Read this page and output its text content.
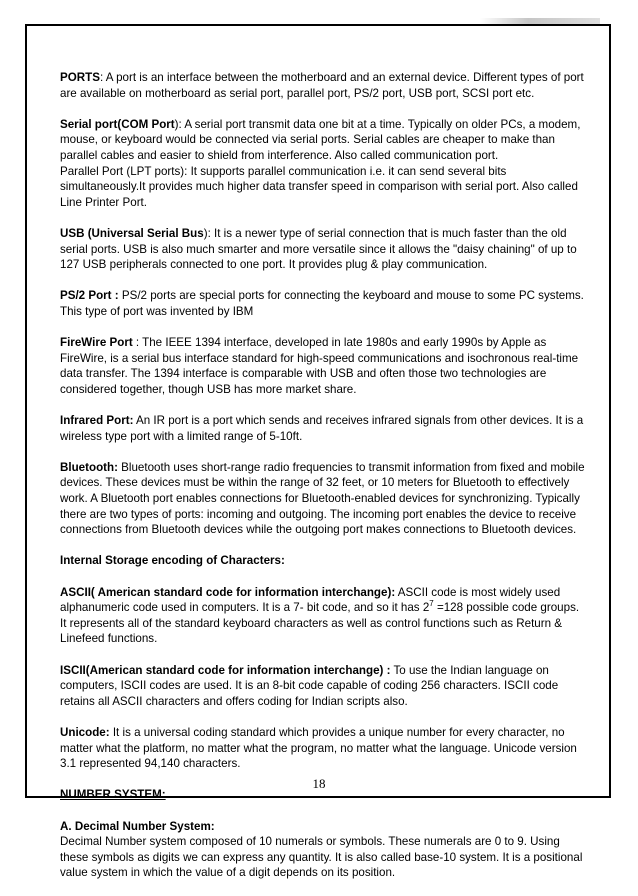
PORTS: A port is an interface between the motherboard and an external device. Different types of port are available on motherboard as serial port, parallel port, PS/2 port, USB port, SCSI port etc.

Serial port(COM Port): A serial port transmit data one bit at a time. Typically on older PCs, a modem, mouse, or keyboard would be connected via serial ports. Serial cables are cheaper to make than parallel cables and easier to shield from interference. Also called communication port.

Parallel Port (LPT ports): It supports parallel communication i.e. it can send several bits simultaneously.It provides much higher data transfer speed in comparison with serial port. Also called Line Printer Port.

USB (Universal Serial Bus): It is a newer type of serial connection that is much faster than the old serial ports. USB is also much smarter and more versatile since it allows the "daisy chaining" of up to 127 USB peripherals connected to one port. It provides plug & play communication.

PS/2 Port : PS/2 ports are special ports for connecting the keyboard and mouse to some PC systems. This type of port was invented by IBM

FireWire Port : The IEEE 1394 interface, developed in late 1980s and early 1990s by Apple as FireWire, is a serial bus interface standard for high-speed communications and isochronous real-time data transfer. The 1394 interface is comparable with USB and often those two technologies are considered together, though USB has more market share.

Infrared Port: An IR port is a port which sends and receives infrared signals from other devices. It is a wireless type port with a limited range of 5-10ft.

Bluetooth: Bluetooth uses short-range radio frequencies to transmit information from fixed and mobile devices. These devices must be within the range of 32 feet, or 10 meters for Bluetooth to effectively work. A Bluetooth port enables connections for Bluetooth-enabled devices for synchronizing. Typically there are two types of ports: incoming and outgoing. The incoming port enables the device to receive connections from Bluetooth devices while the outgoing port makes connections to Bluetooth devices.

Internal Storage encoding of Characters:

ASCII( American standard code for information interchange): ASCII code is most widely used alphanumeric code used in computers. It is a 7- bit code, and so it has $2^7 =128$ possible code groups. It represents all of the standard keyboard characters as well as control functions such as Return & Linefeed functions.

ISCII(American standard code for information interchange) : To use the Indian language on computers, ISCII codes are used. It is an 8-bit code capable of coding 256 characters. ISCII code retains all ASCII characters and offers coding for Indian scripts also.

Unicode: It is a universal coding standard which provides a unique number for every character, no matter what the platform, no matter what the program, no matter what the language. Unicode version 3.1 represented 94,140 characters.

NUMBER SYSTEM:

A. Decimal Number System:

Decimal Number system composed of 10 numerals or symbols. These numerals are 0 to 9. Using these symbols as digits we can express any quantity. It is also called base-10 system. It is a positional value system in which the value of a digit depends on its position.

18
